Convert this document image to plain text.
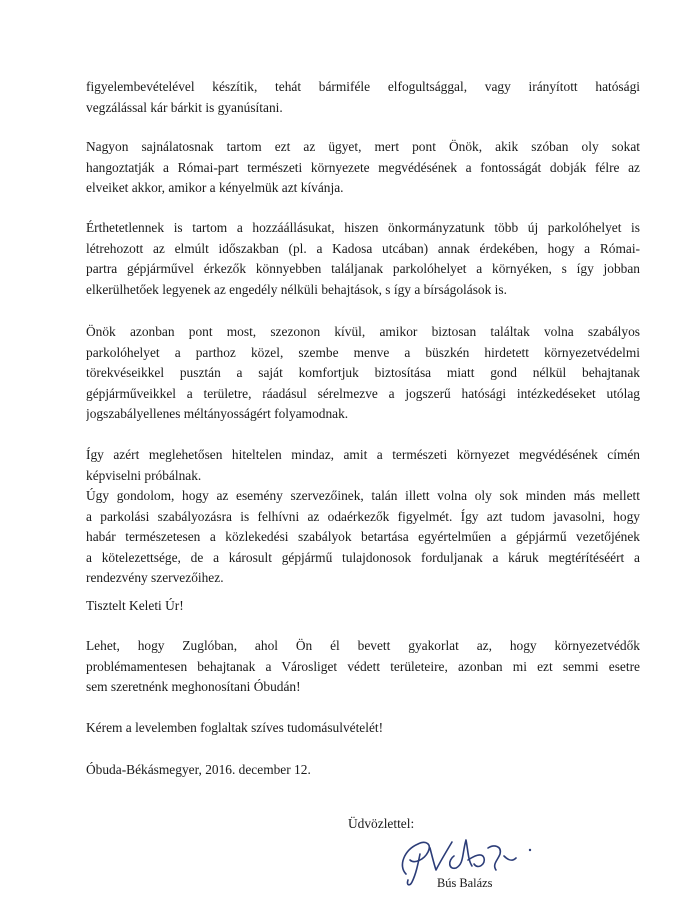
figyelembevételével készítik, tehát bármiféle elfogultsággal, vagy irányított hatósági
vegzálással kár bárkit is gyanúsítani.

Nagyon sajnálatosnak tartom ezt az ügyet, mert pont Önök, akik szóban oly sokat
hangoztatják a Római-part természeti környezete megvédésének a fontosságát dobják félre az
elveiket akkor, amikor a kényelmük azt kívánja.

Érthetetlennek is tartom a hozzáállásukat, hiszen önkormányzatunk több új parkolóhelyet is
létrehozott az elmúlt időszakban (pl. a Kadosa utcában) annak érdekében, hogy a Római-
partra gépjárművel érkezők könnyebben találjanak parkolóhelyet a környéken, s így jobban
elkerülhetőek legyenek az engedély nélküli behajtások, s így a bírságolások is.

Önök azonban pont most, szezonon kívül, amikor biztosan találtak volna szabályos
parkolóhelyet a parthoz közel, szembe menve a büszkén hirdetett környezetvédelmi
törekvéseikkel pusztán a saját komfortjuk biztosítása miatt gond nélkül behajtanak
gépjárműveikkel a területre, ráadásul sérelmezve a jogszerű hatósági intézkedéseket utólag
jogszabályellenes méltányosságért folyamodnak.

Így azért meglehetősen hiteltelen mindaz, amit a természeti környezet megvédésének címén
képviselni próbálnak.

Úgy gondolom, hogy az esemény szervezőinek, talán illett volna oly sok minden más mellett
a parkolási szabályozásra is felhívni az odaérkezők figyelmét. Így azt tudom javasolni, hogy
habár természetesen a közlekedési szabályok betartása egyértelműen a gépjármű vezetőjének
a kötelezettsége, de a károsult gépjármű tulajdonosok forduljanak a káruk megtérítéséért a
rendezvény szervezőihez.

Tisztelt Keleti Úr!

Lehet, hogy Zuglóban, ahol Ön él bevett gyakorlat az, hogy környezetvédők
problémamentesen behajtanak a Városliget védett területeire, azonban mi ezt semmi esetre
sem szeretnénk meghonosítani Óbudán!

Kérem a levelemben foglaltak szíves tudomásulvételét!

Óbuda-Békásmegyer, 2016. december 12.

Üdvözlettel:
Bús Balázs
